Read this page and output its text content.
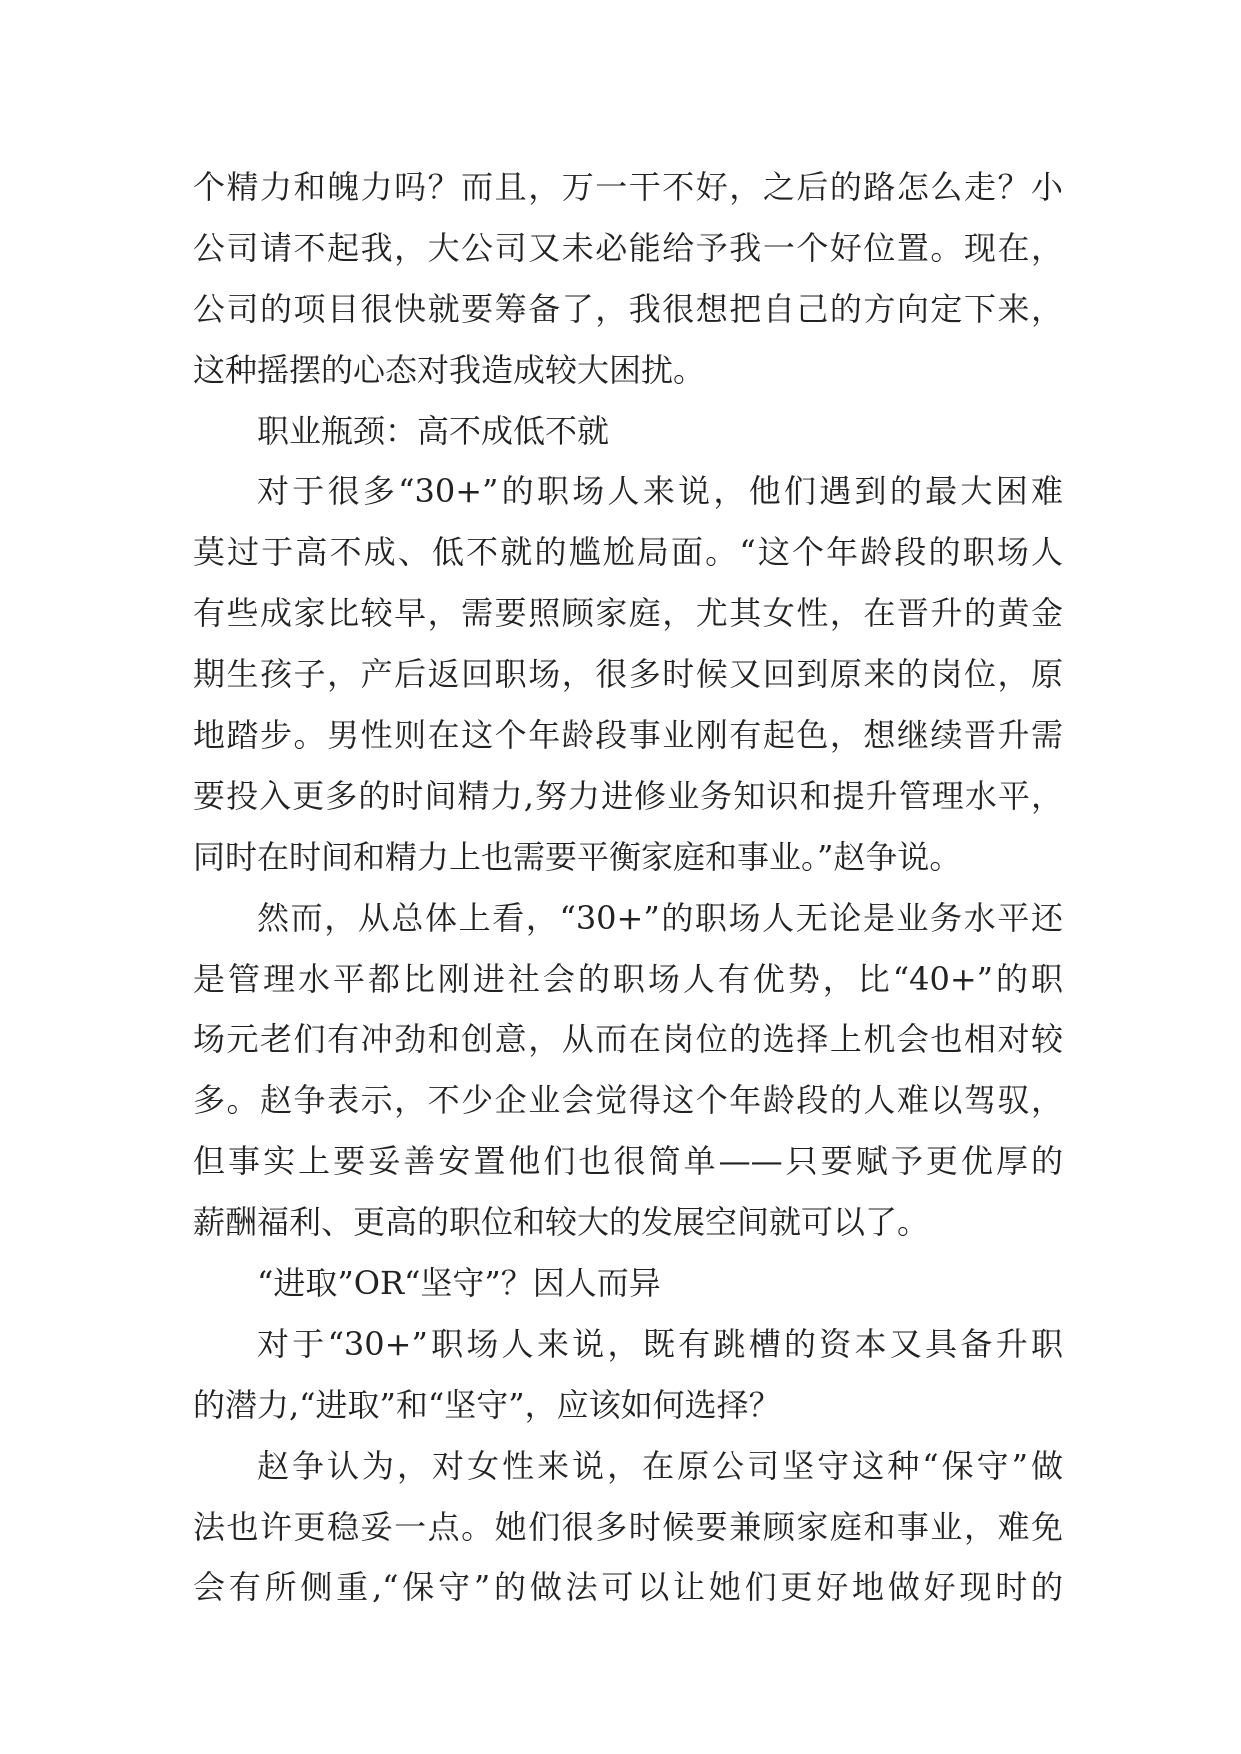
个精力和魄力吗？而且，万一干不好，之后的路怎么走？小
公司请不起我，大公司又未必能给予我一个好位置。现在，
公司的项目很快就要筹备了，我很想把自己的方向定下来，
这种摇摆的心态对我造成较大困扰。
职业瓶颈：高不成低不就
对于很多“30+”的职场人来说，他们遇到的最大困难
莫过于高不成、低不就的尴尬局面。“这个年龄段的职场人
有些成家比较早，需要照顾家庭，尤其女性，在晋升的黄金
期生孩子，产后返回职场，很多时候又回到原来的岗位，原
地踏步。男性则在这个年龄段事业刚有起色，想继续晋升需
要投入更多的时间精力,努力进修业务知识和提升管理水平，
同时在时间和精力上也需要平衡家庭和事业。”赵争说。
然而，从总体上看，“30+”的职场人无论是业务水平还
是管理水平都比刚进社会的职场人有优势，比“40+”的职
场元老们有冲劲和创意，从而在岗位的选择上机会也相对较
多。赵争表示，不少企业会觉得这个年龄段的人难以驾驭，
但事实上要妥善安置他们也很简单——只要赋予更优厚的
薪酬福利、更高的职位和较大的发展空间就可以了。
“进取”OR“坚守”？因人而异
对于“30+”职场人来说，既有跳槽的资本又具备升职
的潜力,“进取”和“坚守”，应该如何选择？
赵争认为，对女性来说，在原公司坚守这种“保守”做
法也许更稳妥一点。她们很多时候要兼顾家庭和事业，难免
会有所侧重,“保守”的做法可以让她们更好地做好现时的
